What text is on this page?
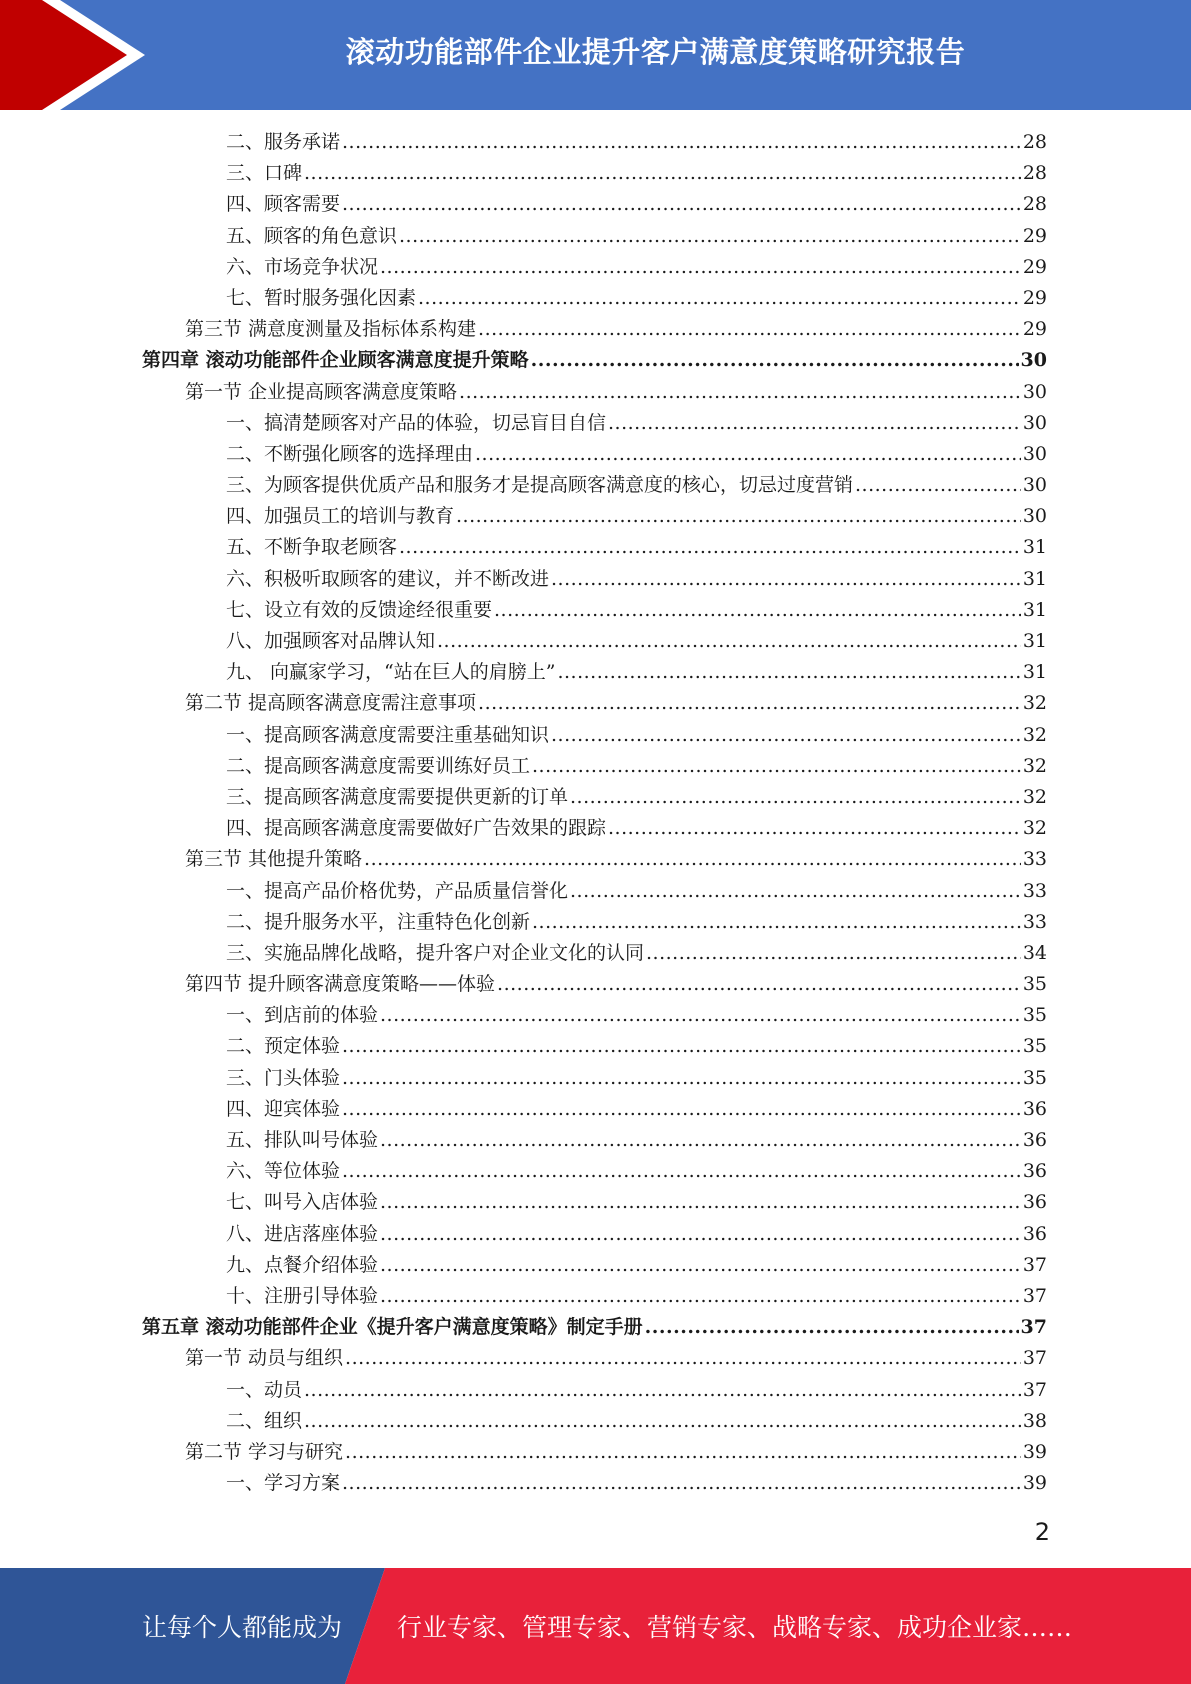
滚动功能部件企业提升客户满意度策略研究报告
二、服务承诺 .....	28
三、口碑 .....	28
四、顾客需要 .....	28
五、顾客的角色意识 .....	29
六、市场竞争状况 .....	29
七、暂时服务强化因素 .....	29
第三节 满意度测量及指标体系构建 .....	29
第四章 滚动功能部件企业顾客满意度提升策略 .....	30
第一节 企业提高顾客满意度策略 .....	30
一、搞清楚顾客对产品的体验，切忌盲目自信 .....	30
二、不断强化顾客的选择理由 .....	30
三、为顾客提供优质产品和服务才是提高顾客满意度的核心，切忌过度营销 .....	30
四、加强员工的培训与教育 .....	30
五、不断争取老顾客 .....	31
六、积极听取顾客的建议，并不断改进 .....	31
七、设立有效的反馈途经很重要 .....	31
八、加强顾客对品牌认知 .....	31
九、 向赢家学习，“站在巨人的肩膀上” .....	31
第二节 提高顾客满意度需注意事项 .....	32
一、提高顾客满意度需要注重基础知识 .....	32
二、提高顾客满意度需要训练好员工 .....	32
三、提高顾客满意度需要提供更新的订单 .....	32
四、提高顾客满意度需要做好广告效果的跟踪 .....	32
第三节 其他提升策略 .....	33
一、提高产品价格优势，产品质量信誉化 .....	33
二、提升服务水平，注重特色化创新 .....	33
三、实施品牌化战略，提升客户对企业文化的认同 .....	34
第四节 提升顾客满意度策略——体验 .....	35
一、到店前的体验 .....	35
二、预定体验 .....	35
三、门头体验 .....	35
四、迎宾体验 .....	36
五、排队叫号体验 .....	36
六、等位体验 .....	36
七、叫号入店体验 .....	36
八、进店落座体验 .....	36
九、点餐介绍体验 .....	37
十、注册引导体验 .....	37
第五章 滚动功能部件企业《提升客户满意度策略》制定手册 .....	37
第一节 动员与组织 .....	37
一、动员 .....	37
二、组织 .....	38
第二节 学习与研究 .....	39
一、学习方案 .....	39
2
让每个人都能成为 行业专家、管理专家、营销专家、战略专家、成功企业家……
